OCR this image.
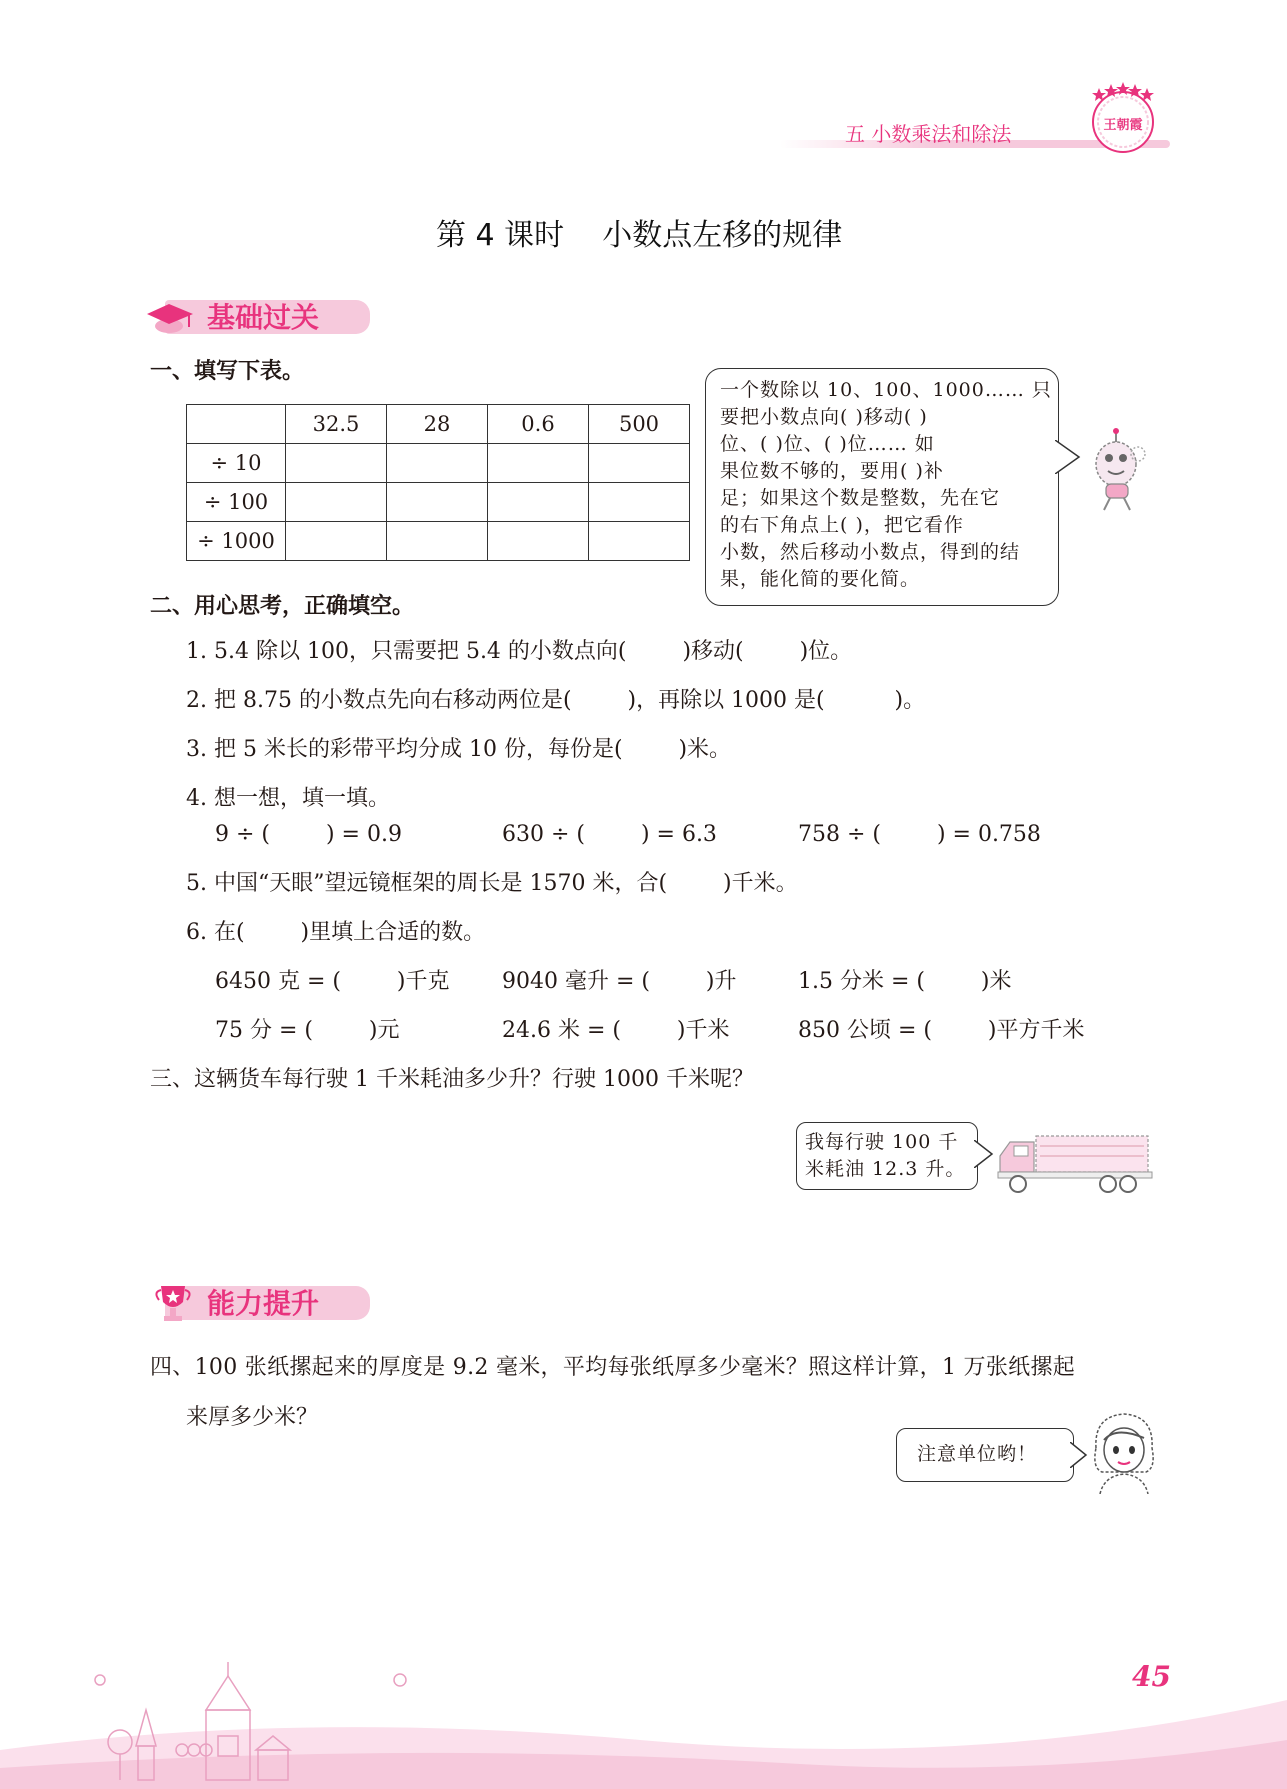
五 小数乘法和除法	王朝霞
第 4 课时    小数点左移的规律
基础过关
一、填写下表。
	32.5	28	0.6	500
÷ 10				
÷ 100				
÷ 1000				
一个数除以 10、100、1000…… 只
要把小数点向( )移动( )
位、( )位、( )位…… 如
果位数不够的，要用( )补
足；如果这个数是整数，先在它
的右下角点上( )，把它看作
小数，然后移动小数点，得到的结
果，能化简的要化简。
二、用心思考，正确填空。
1. 5.4 除以 100，只需要把 5.4 的小数点向(        )移动(        )位。
2. 把 8.75 的小数点先向右移动两位是(        )，再除以 1000 是(          )。
3. 把 5 米长的彩带平均分成 10 份，每份是(        )米。
4. 想一想，填一填。
9 ÷ (        ) = 0.9	630 ÷ (        ) = 6.3	758 ÷ (        ) = 0.758
5. 中国“天眼”望远镜框架的周长是 1570 米，合(        )千米。
6. 在(        )里填上合适的数。
6450 克 = (        )千克 9040 毫升 = (        )升	1.5 分米 = (        )米
75 分 = (        )元	24.6 米 = (        )千米	850 公顷 = (        )平方千米
三、这辆货车每行驶 1 千米耗油多少升？行驶 1000 千米呢？
我每行驶 100 千
米耗油 12.3 升。
能力提升
四、100 张纸摞起来的厚度是 9.2 毫米，平均每张纸厚多少毫米？照这样计算，1 万张纸摞起
来厚多少米？
注意单位哟！
45
